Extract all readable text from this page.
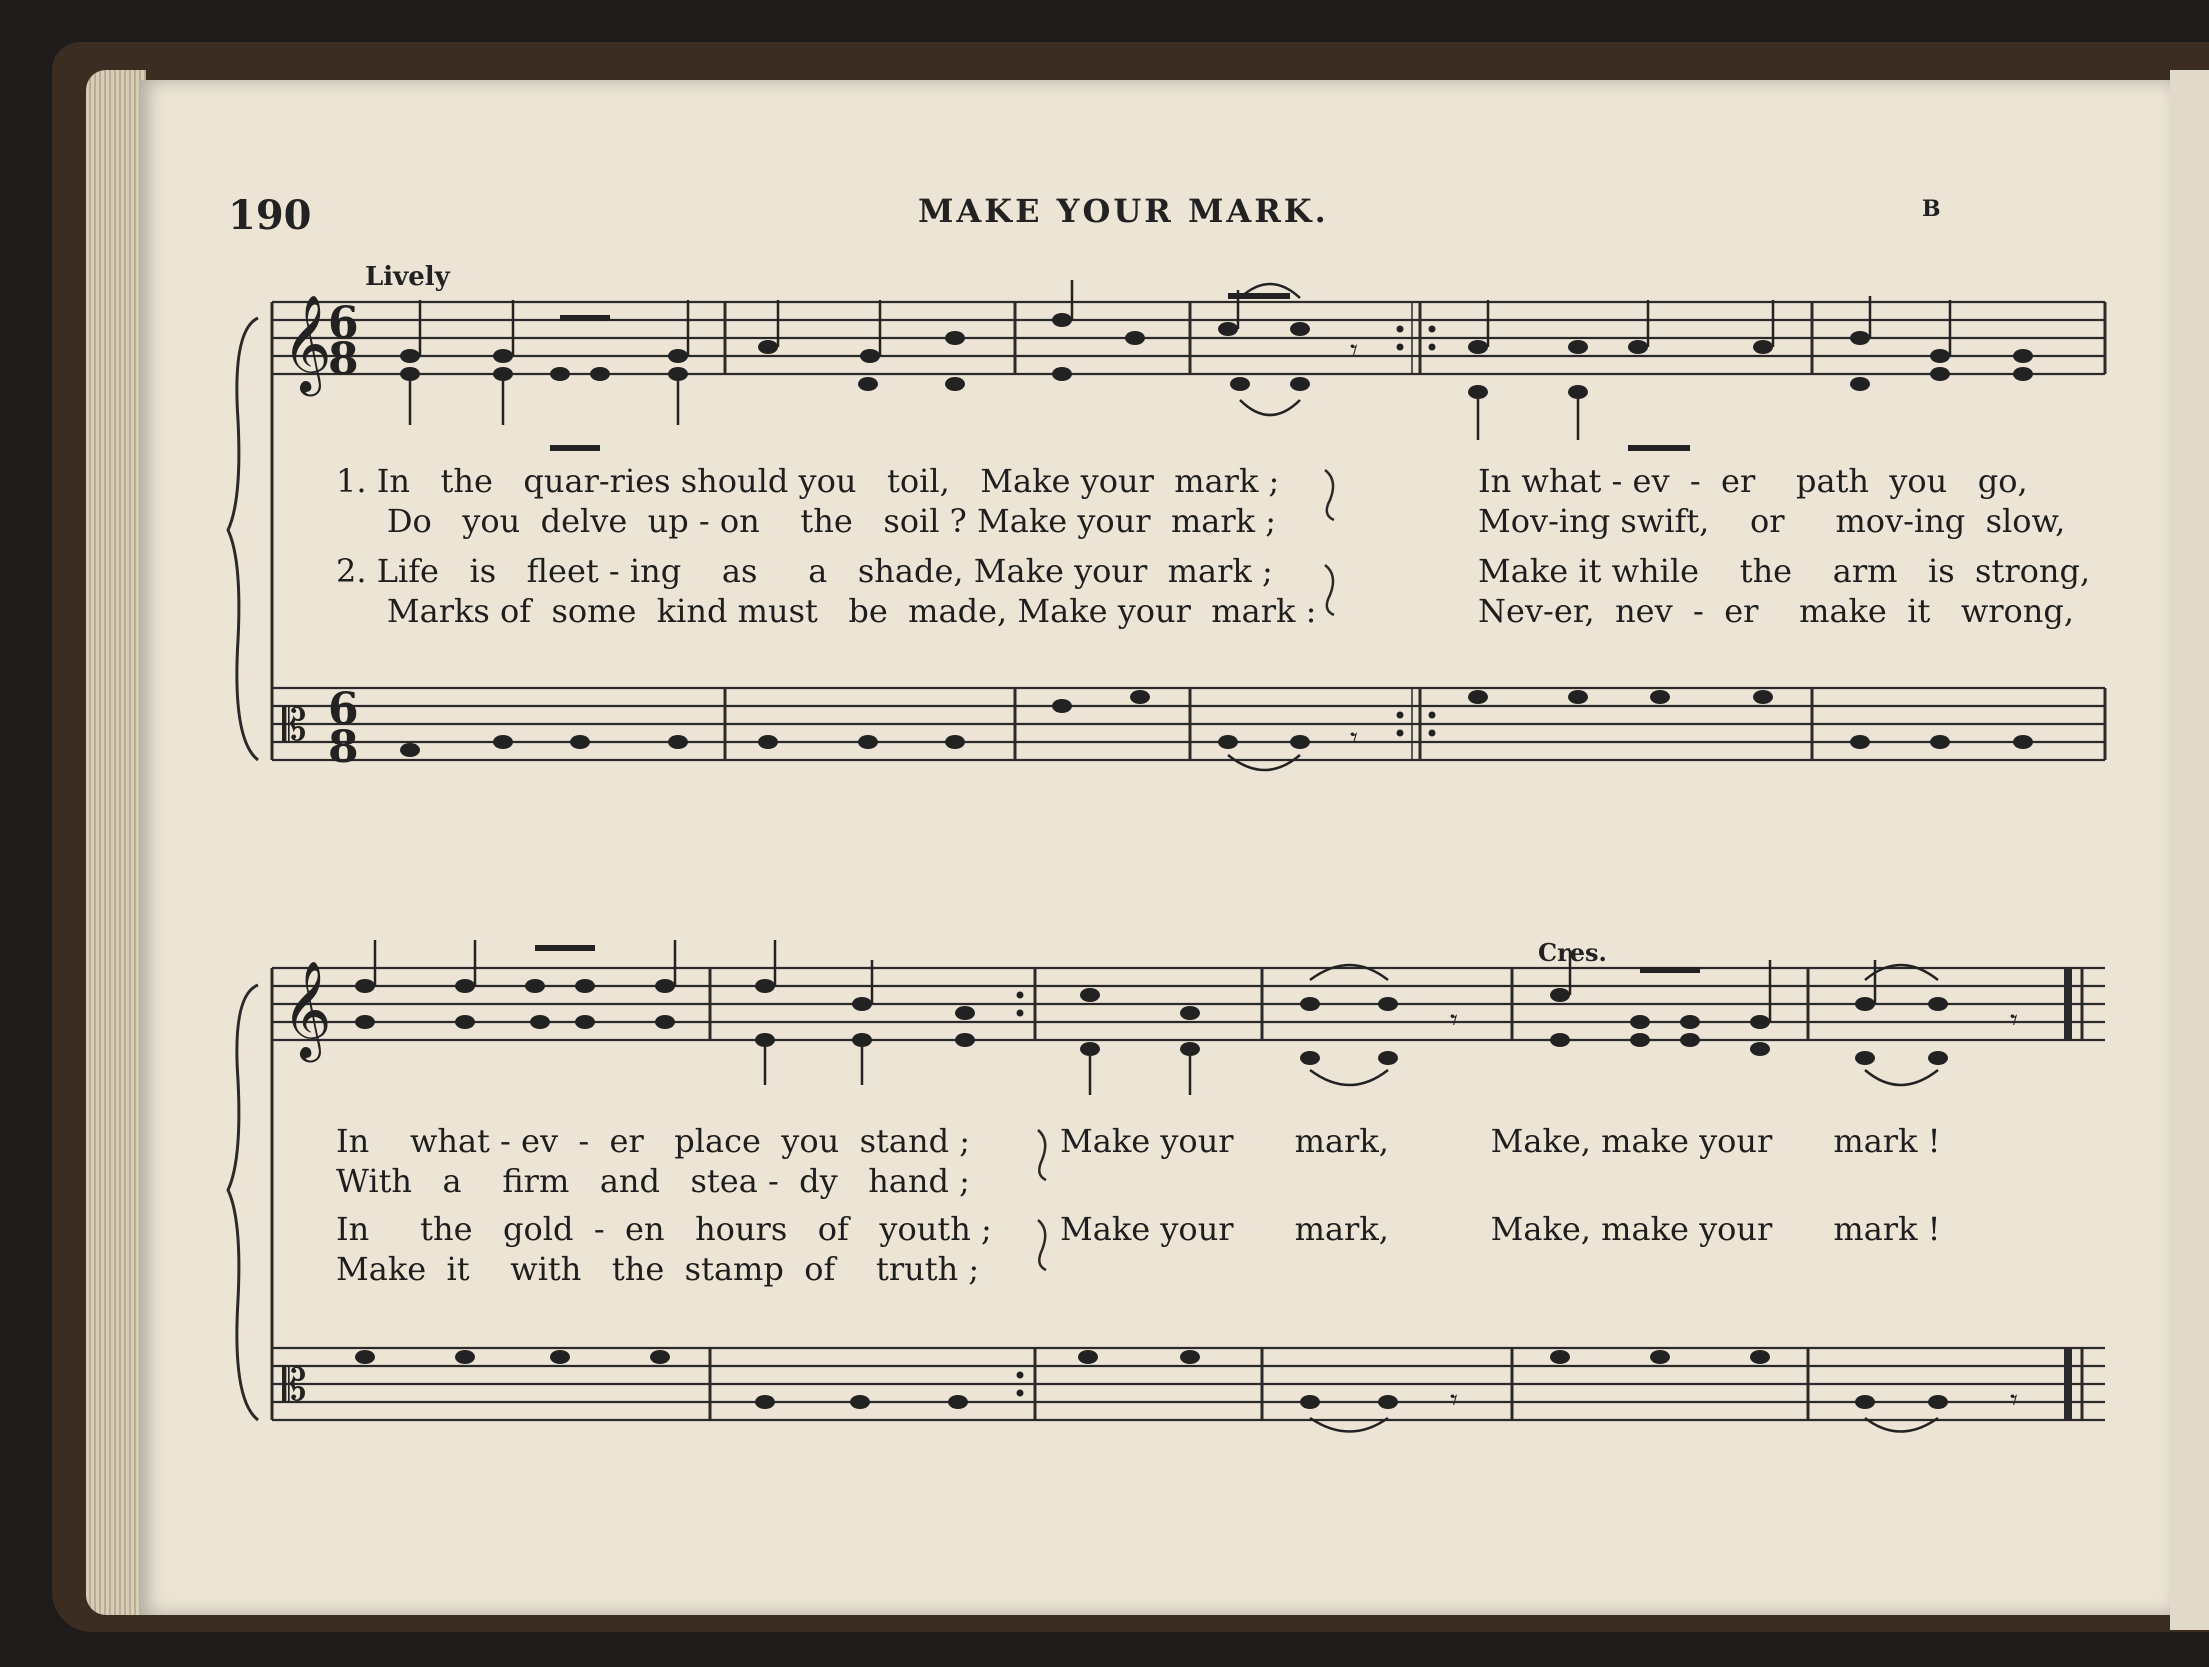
190	MAKE YOUR MARK.	B
Lively
Cres.
𝄞
𝄞
𝄡
𝄡
6
8
6
8
𝄾
𝄾	𝄾
𝄾
𝄾	𝄾
1. In   the   quar-ries should you   toil,   Make your  mark ;
Do   you  delve  up - on    the   soil ? Make your  mark ;
2. Life   is   fleet - ing    as     a   shade, Make your  mark ;
Marks of  some  kind must   be  made, Make your  mark :
In what - ev  -  er    path  you   go,
Mov-ing swift,    or     mov-ing  slow,
Make it while    the    arm   is  strong,
Nev-er,  nev  -  er    make  it   wrong,
In    what - ev  -  er   place  you  stand ;
With   a    firm   and   stea -  dy   hand ;
In     the   gold  -  en   hours   of   youth ;
Make  it    with   the  stamp  of    truth ;
Make your      mark,          Make, make your      mark !
Make your      mark,          Make, make your      mark !
